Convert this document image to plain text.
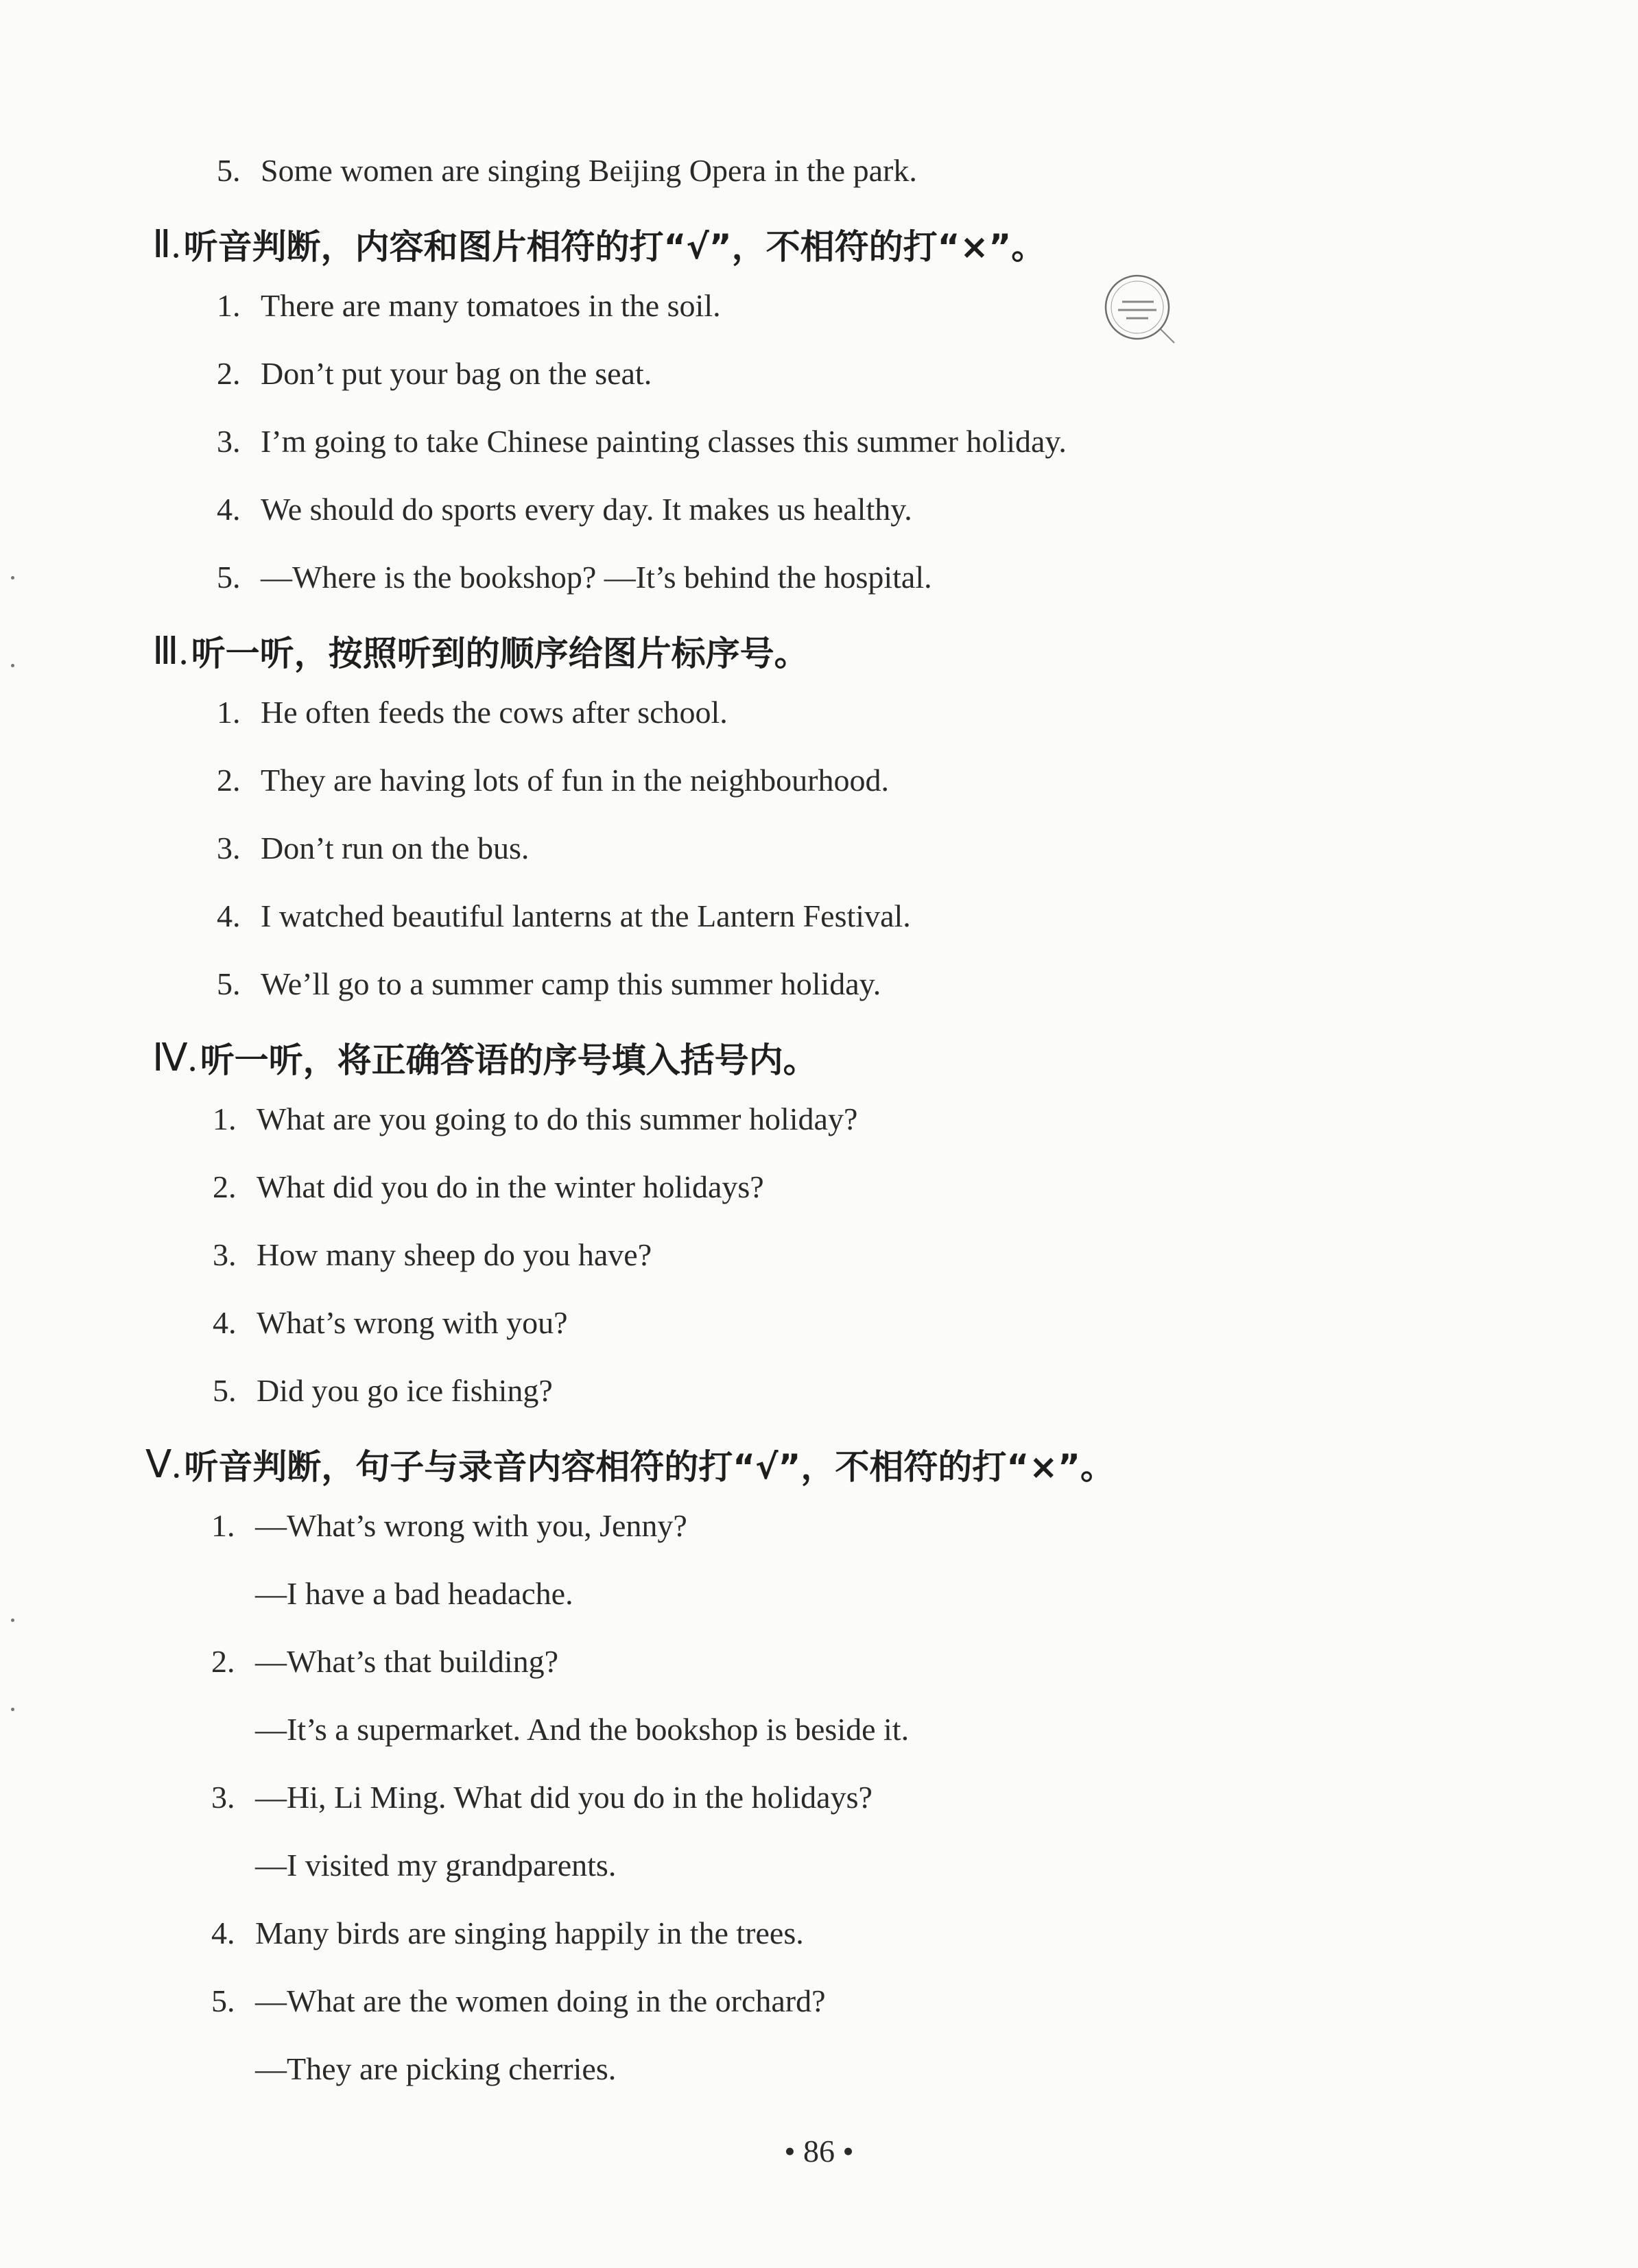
5. Some women are singing Beijing Opera in the park.
Ⅱ. 听音判断，内容和图片相符的打“√”，不相符的打“×”。
1. There are many tomatoes in the soil.
2. Don’t put your bag on the seat.
3. I’m going to take Chinese painting classes this summer holiday.
4. We should do sports every day. It makes us healthy.
5. —Where is the bookshop? —It’s behind the hospital.
Ⅲ. 听一听，按照听到的顺序给图片标序号。
1. He often feeds the cows after school.
2. They are having lots of fun in the neighbourhood.
3. Don’t run on the bus.
4. I watched beautiful lanterns at the Lantern Festival.
5. We’ll go to a summer camp this summer holiday.
Ⅳ. 听一听，将正确答语的序号填入括号内。
1. What are you going to do this summer holiday?
2. What did you do in the winter holidays?
3. How many sheep do you have?
4. What’s wrong with you?
5. Did you go ice fishing?
Ⅴ. 听音判断，句子与录音内容相符的打“√”，不相符的打“×”。
1. —What’s wrong with you, Jenny?
—I have a bad headache.
2. —What’s that building?
—It’s a supermarket. And the bookshop is beside it.
3. —Hi, Li Ming. What did you do in the holidays?
—I visited my grandparents.
4. Many birds are singing happily in the trees.
5. —What are the women doing in the orchard?
—They are picking cherries.
• 86 •
